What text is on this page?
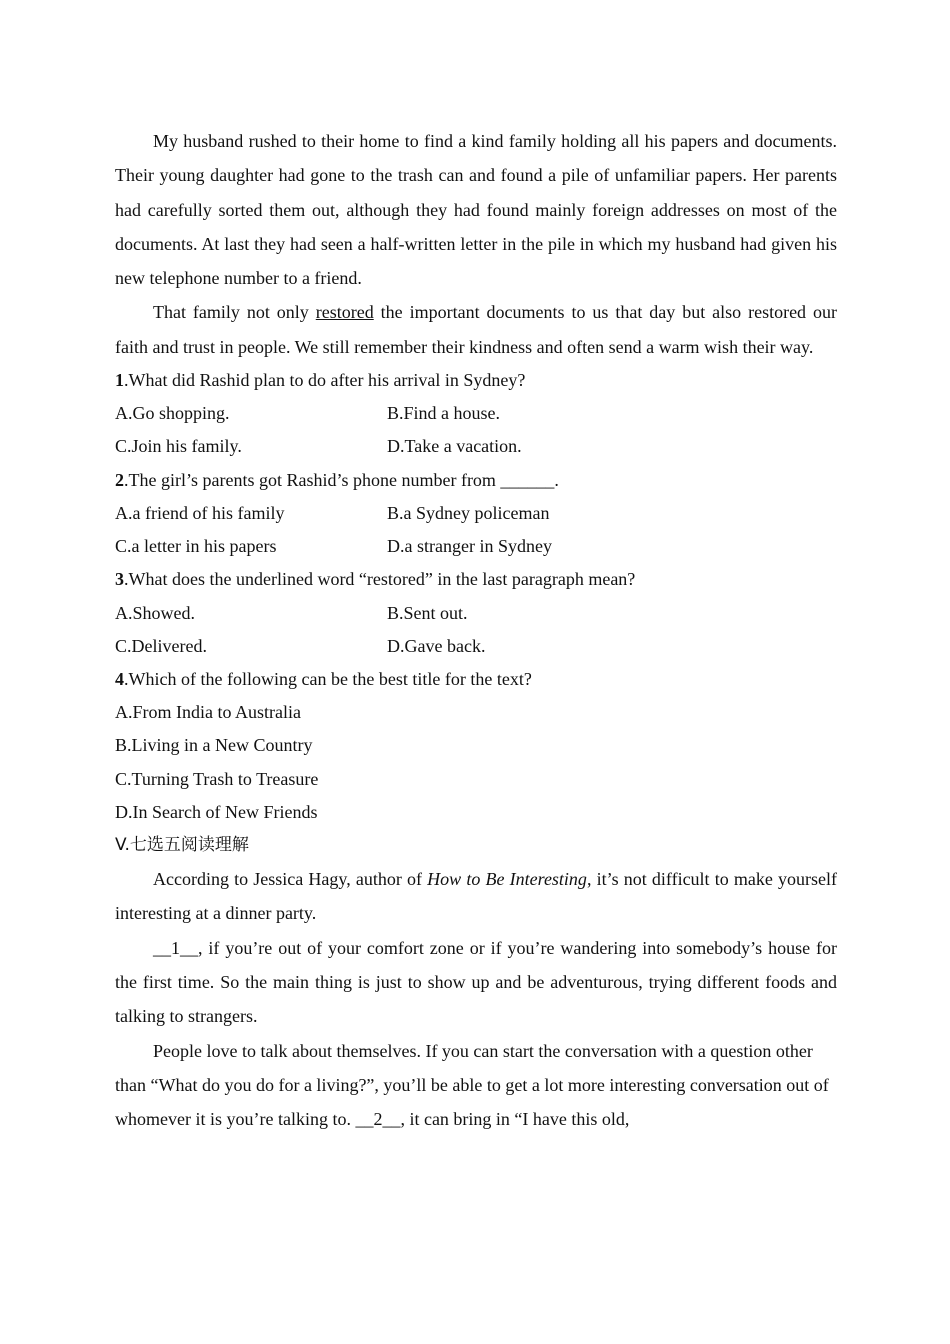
My husband rushed to their home to find a kind family holding all his papers and documents. Their young daughter had gone to the trash can and found a pile of unfamiliar papers. Her parents had carefully sorted them out, although they had found mainly foreign addresses on most of the documents. At last they had seen a half-written letter in the pile in which my husband had given his new telephone number to a friend.

That family not only restored the important documents to us that day but also restored our faith and trust in people. We still remember their kindness and often send a warm wish their way.

1.What did Rashid plan to do after his arrival in Sydney?

A.Go shopping.	B.Find a house.
C.Join his family.	D.Take a vacation.

2.The girl’s parents got Rashid’s phone number from ______.

A.a friend of his family	B.a Sydney policeman
C.a letter in his papers	D.a stranger in Sydney

3.What does the underlined word “restored” in the last paragraph mean?

A.Showed.	B.Sent out.
C.Delivered.	D.Gave back.

4.Which of the following can be the best title for the text?

A.From India to Australia

B.Living in a New Country

C.Turning Trash to Treasure

D.In Search of New Friends

V.七选五阅读理解

According to Jessica Hagy, author of How to Be Interesting, it’s not difficult to make yourself interesting at a dinner party.

__1__, if you’re out of your comfort zone or if you’re wandering into somebody’s house for the first time. So the main thing is just to show up and be adventurous, trying different foods and talking to strangers.

People love to talk about themselves. If you can start the conversation with a question other than “What do you do for a living?”, you’ll be able to get a lot more interesting conversation out of whomever it is you’re talking to. __2__, it can bring in “I have this old,
